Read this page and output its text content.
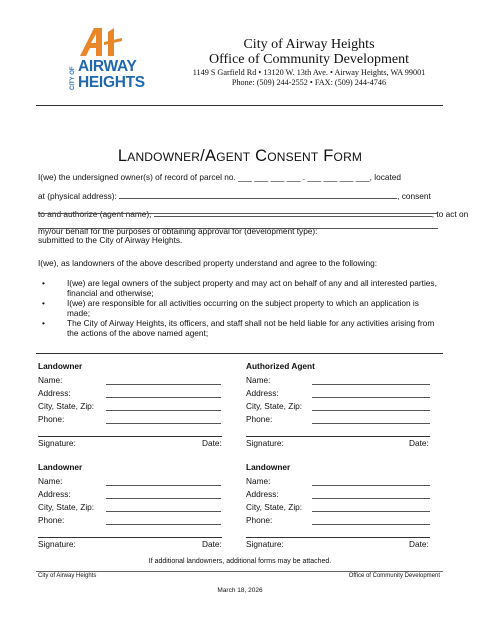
CITY OF AIRWAY
HEIGHTS
City of Airway Heights
Office of Community Development
1149 S Garfield Rd • 13120 W. 13th Ave. • Airway Heights, WA 99001
Phone: (509) 244-2552 • FAX: (509) 244-4746
LANDOWNER/AGENT CONSENT FORM
I(we) the undersigned owner(s) of record of parcel no. ___ ___ ___ ___ . ___ ___ ___ ___, located
at (physical address):	, consent
to and authorize (agent name),	, to act on
my/our behalf for the purposes of obtaining approval for (development type):
submitted to the City of Airway Heights.
I(we), as landowners of the above described property understand and agree to the following:
•	I(we) are legal owners of the subject property and may act on behalf of any and all interested parties, financial and otherwise;
•	I(we) are responsible for all activities occurring on the subject property to which an application is made;
•	The City of Airway Heights, its officers, and staff shall not be held liable for any activities arising from the actions of the above named agent;
Landowner
Name:
Address:
City, State, Zip:
Phone:
Signature:	Date:
Authorized Agent
Name:
Address:
City, State, Zip:
Phone:
Signature:	Date:
Landowner
Name:
Address:
City, State, Zip:
Phone:
Signature:	Date:
Landowner
Name:
Address:
City, State, Zip:
Phone:
Signature:	Date:
If additional landowners, additional forms may be attached.
City of Airway Heights	Office of Community Development
March 18, 2026
